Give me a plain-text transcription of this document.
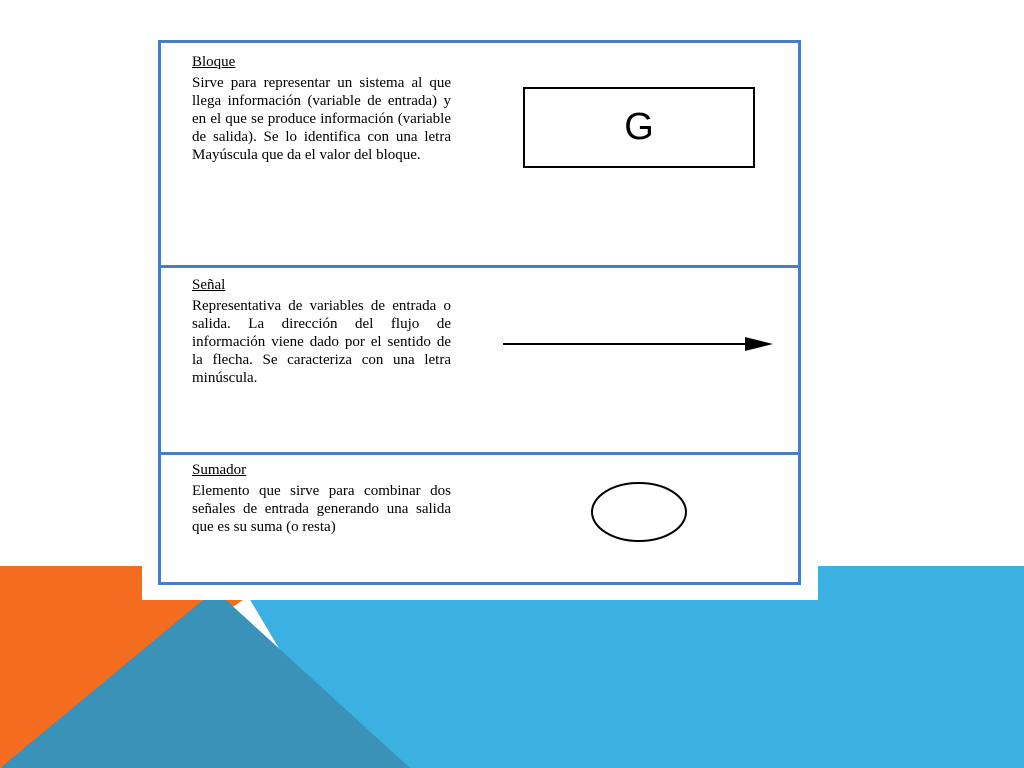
Bloque

Sirve para representar un sistema al que llega información (variable de entrada) y en el que se produce información (variable de salida). Se lo identifica con una letra Mayúscula que da el valor del bloque.

G

Señal

Representativa de variables de entrada o salida. La dirección del flujo de información viene dado por el sentido de la flecha. Se caracteriza con una letra minúscula.

Sumador

Elemento que sirve para combinar dos señales de entrada generando una salida que es su suma (o resta)
